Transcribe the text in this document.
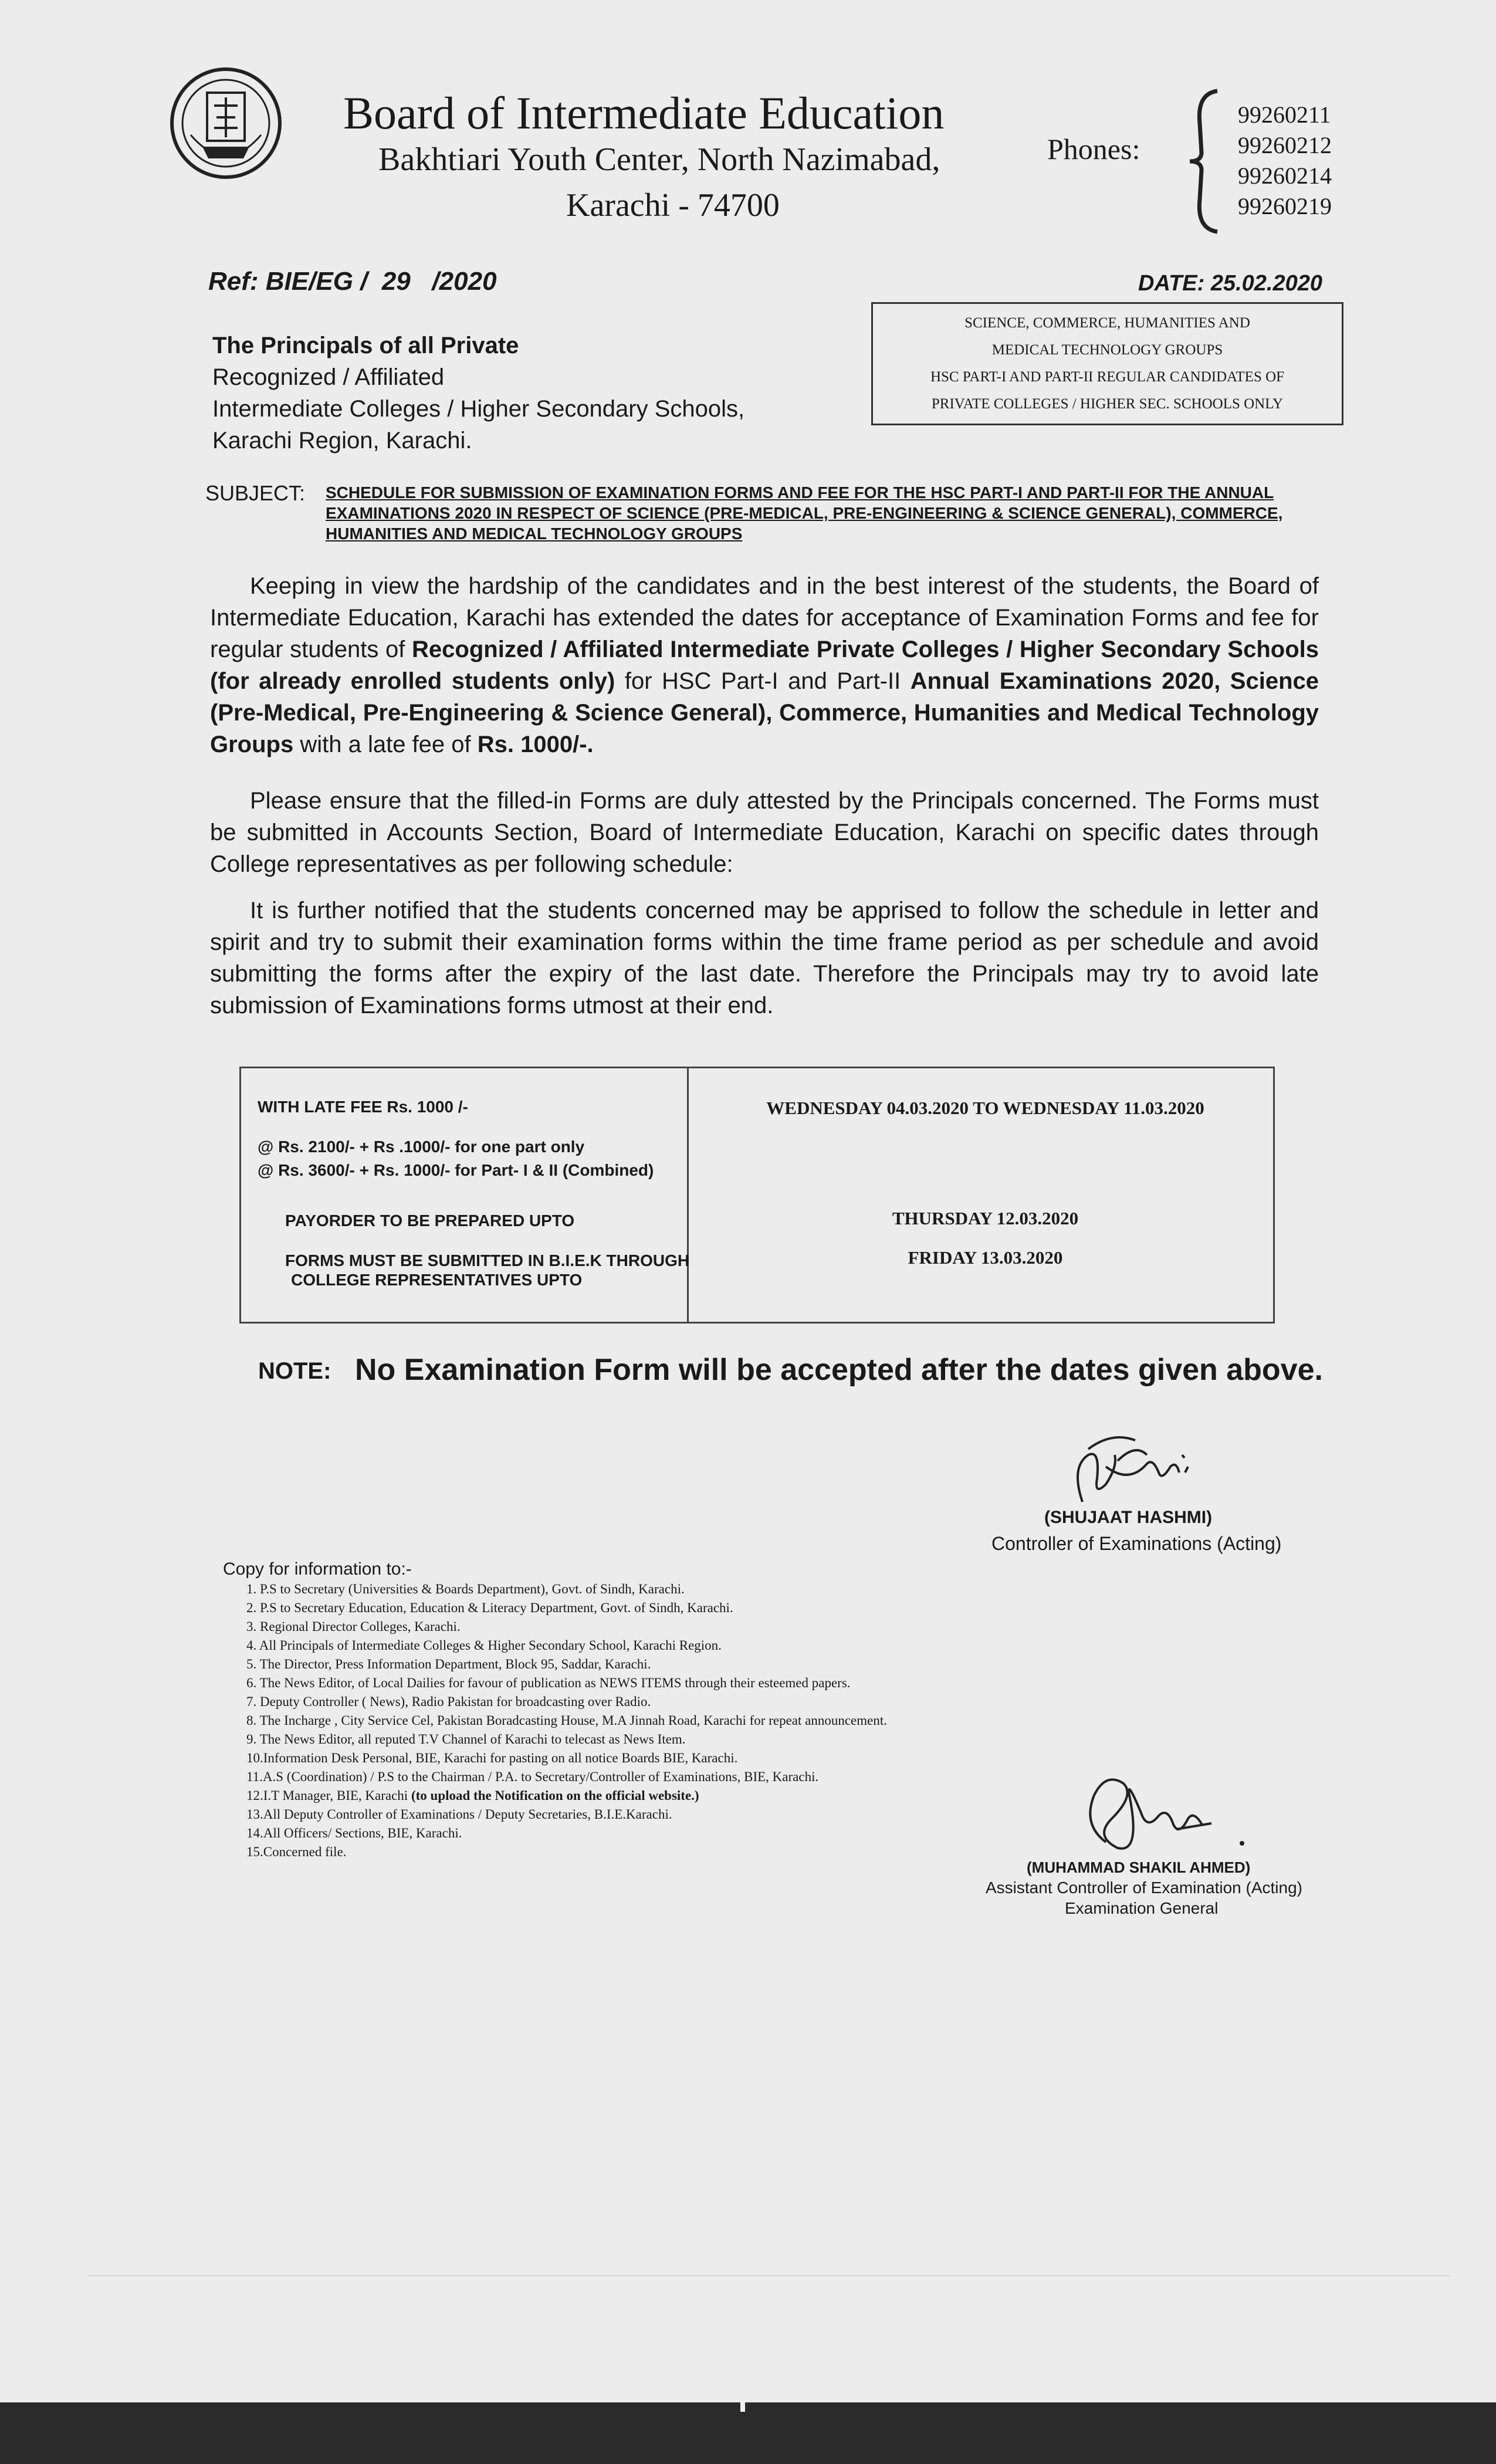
Board of Intermediate Education
Bakhtiari Youth Center, North Nazimabad,
Karachi - 74700
Phones:
99260211
99260212
99260214
99260219
Ref: BIE/EG /  29   /2020	DATE: 25.02.2020
SCIENCE, COMMERCE, HUMANITIES AND
MEDICAL TECHNOLOGY GROUPS
HSC PART-I AND PART-II REGULAR CANDIDATES OF
PRIVATE COLLEGES / HIGHER SEC. SCHOOLS ONLY
The Principals of all Private
Recognized / Affiliated
Intermediate Colleges / Higher Secondary Schools,
Karachi Region, Karachi.
SUBJECT: SCHEDULE FOR SUBMISSION OF EXAMINATION FORMS AND FEE FOR THE HSC PART-I AND PART-II FOR THE ANNUAL EXAMINATIONS 2020 IN RESPECT OF SCIENCE (PRE-MEDICAL, PRE-ENGINEERING & SCIENCE GENERAL), COMMERCE, HUMANITIES AND MEDICAL TECHNOLOGY GROUPS
Keeping in view the hardship of the candidates and in the best interest of the students, the Board of Intermediate Education, Karachi has extended the dates for acceptance of Examination Forms and fee for regular students of Recognized / Affiliated Intermediate Private Colleges / Higher Secondary Schools (for already enrolled students only) for HSC Part-I and Part-II Annual Examinations 2020, Science (Pre-Medical, Pre-Engineering & Science General), Commerce, Humanities and Medical Technology Groups with a late fee of Rs. 1000/-.
Please ensure that the filled-in Forms are duly attested by the Principals concerned. The Forms must be submitted in Accounts Section, Board of Intermediate Education, Karachi on specific dates through College representatives as per following schedule:
It is further notified that the students concerned may be apprised to follow the schedule in letter and spirit and try to submit their examination forms within the time frame period as per schedule and avoid submitting the forms after the expiry of the last date. Therefore the Principals may try to avoid late submission of Examinations forms utmost at their end.
WITH LATE FEE Rs. 1000 /-
@ Rs. 2100/- + Rs .1000/- for one part only
@ Rs. 3600/- + Rs. 1000/- for Part- I & II (Combined)
PAYORDER TO BE PREPARED UPTO
FORMS MUST BE SUBMITTED IN B.I.E.K THROUGH
COLLEGE REPRESENTATIVES UPTO
WEDNESDAY 04.03.2020 TO WEDNESDAY 11.03.2020
THURSDAY 12.03.2020
FRIDAY 13.03.2020
NOTE: No Examination Form will be accepted after the dates given above.
(SHUJAAT HASHMI)
Controller of Examinations (Acting)
Copy for information to:-
1. P.S to Secretary (Universities & Boards Department), Govt. of Sindh, Karachi.
2. P.S to Secretary Education, Education & Literacy Department, Govt. of Sindh, Karachi.
3. Regional Director Colleges, Karachi.
4. All Principals of Intermediate Colleges & Higher Secondary School, Karachi Region.
5. The Director, Press Information Department, Block 95, Saddar, Karachi.
6. The News Editor, of Local Dailies for favour of publication as NEWS ITEMS through their esteemed papers.
7. Deputy Controller ( News), Radio Pakistan for broadcasting over Radio.
8. The Incharge , City Service Cel, Pakistan Boradcasting House, M.A Jinnah Road, Karachi for repeat announcement.
9. The News Editor, all reputed T.V Channel of Karachi to telecast as News Item.
10.Information Desk Personal, BIE, Karachi for pasting on all notice Boards BIE, Karachi.
11.A.S (Coordination) / P.S to the Chairman / P.A. to Secretary/Controller of Examinations, BIE, Karachi.
12.I.T Manager, BIE, Karachi (to upload the Notification on the official website.)
13.All Deputy Controller of Examinations / Deputy Secretaries, B.I.E.Karachi.
14.All Officers/ Sections, BIE, Karachi.
15.Concerned file.
(MUHAMMAD SHAKIL AHMED)
Assistant Controller of Examination (Acting)
Examination General
